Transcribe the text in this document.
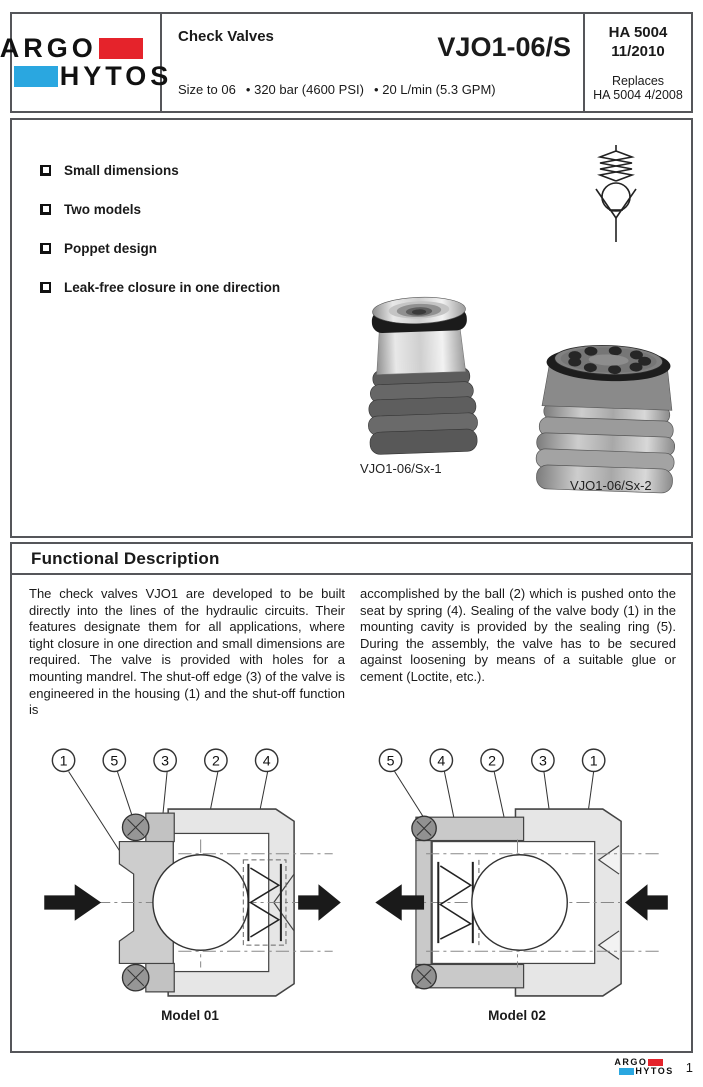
ARGO
HYTOS
Check Valves	VJO1-06/S
Size to 06  • 320 bar (4600 PSI)  • 20 L/min (5.3 GPM)
HA 5004
11/2010
Replaces
HA 5004 4/2008
Small dimensions
Two models
Poppet design
Leak-free closure in one direction
VJO1-06/Sx-1
VJO1-06/Sx-2
Functional Description
The check valves VJO1 are developed to be built directly into the lines of the hydraulic circuits. Their features designate them for all applications, where tight closure in one direction and small dimensions are required. The valve is provided with holes for a mounting mandrel. The shut-off edge (3) of the valve is engineered in the housing (1) and the shut-off function is
accomplished by the ball (2) which is pushed onto the seat by spring (4). Sealing of the valve body (1) in the mounting cavity is provided by the sealing ring (5). During the assembly, the valve has to be secured against loosening by means of a suitable glue or cement (Loctite, etc.).
1	5	3	2	4
Model 01
5	4	2	3	1
Model 02
ARGO
HYTOS 1
